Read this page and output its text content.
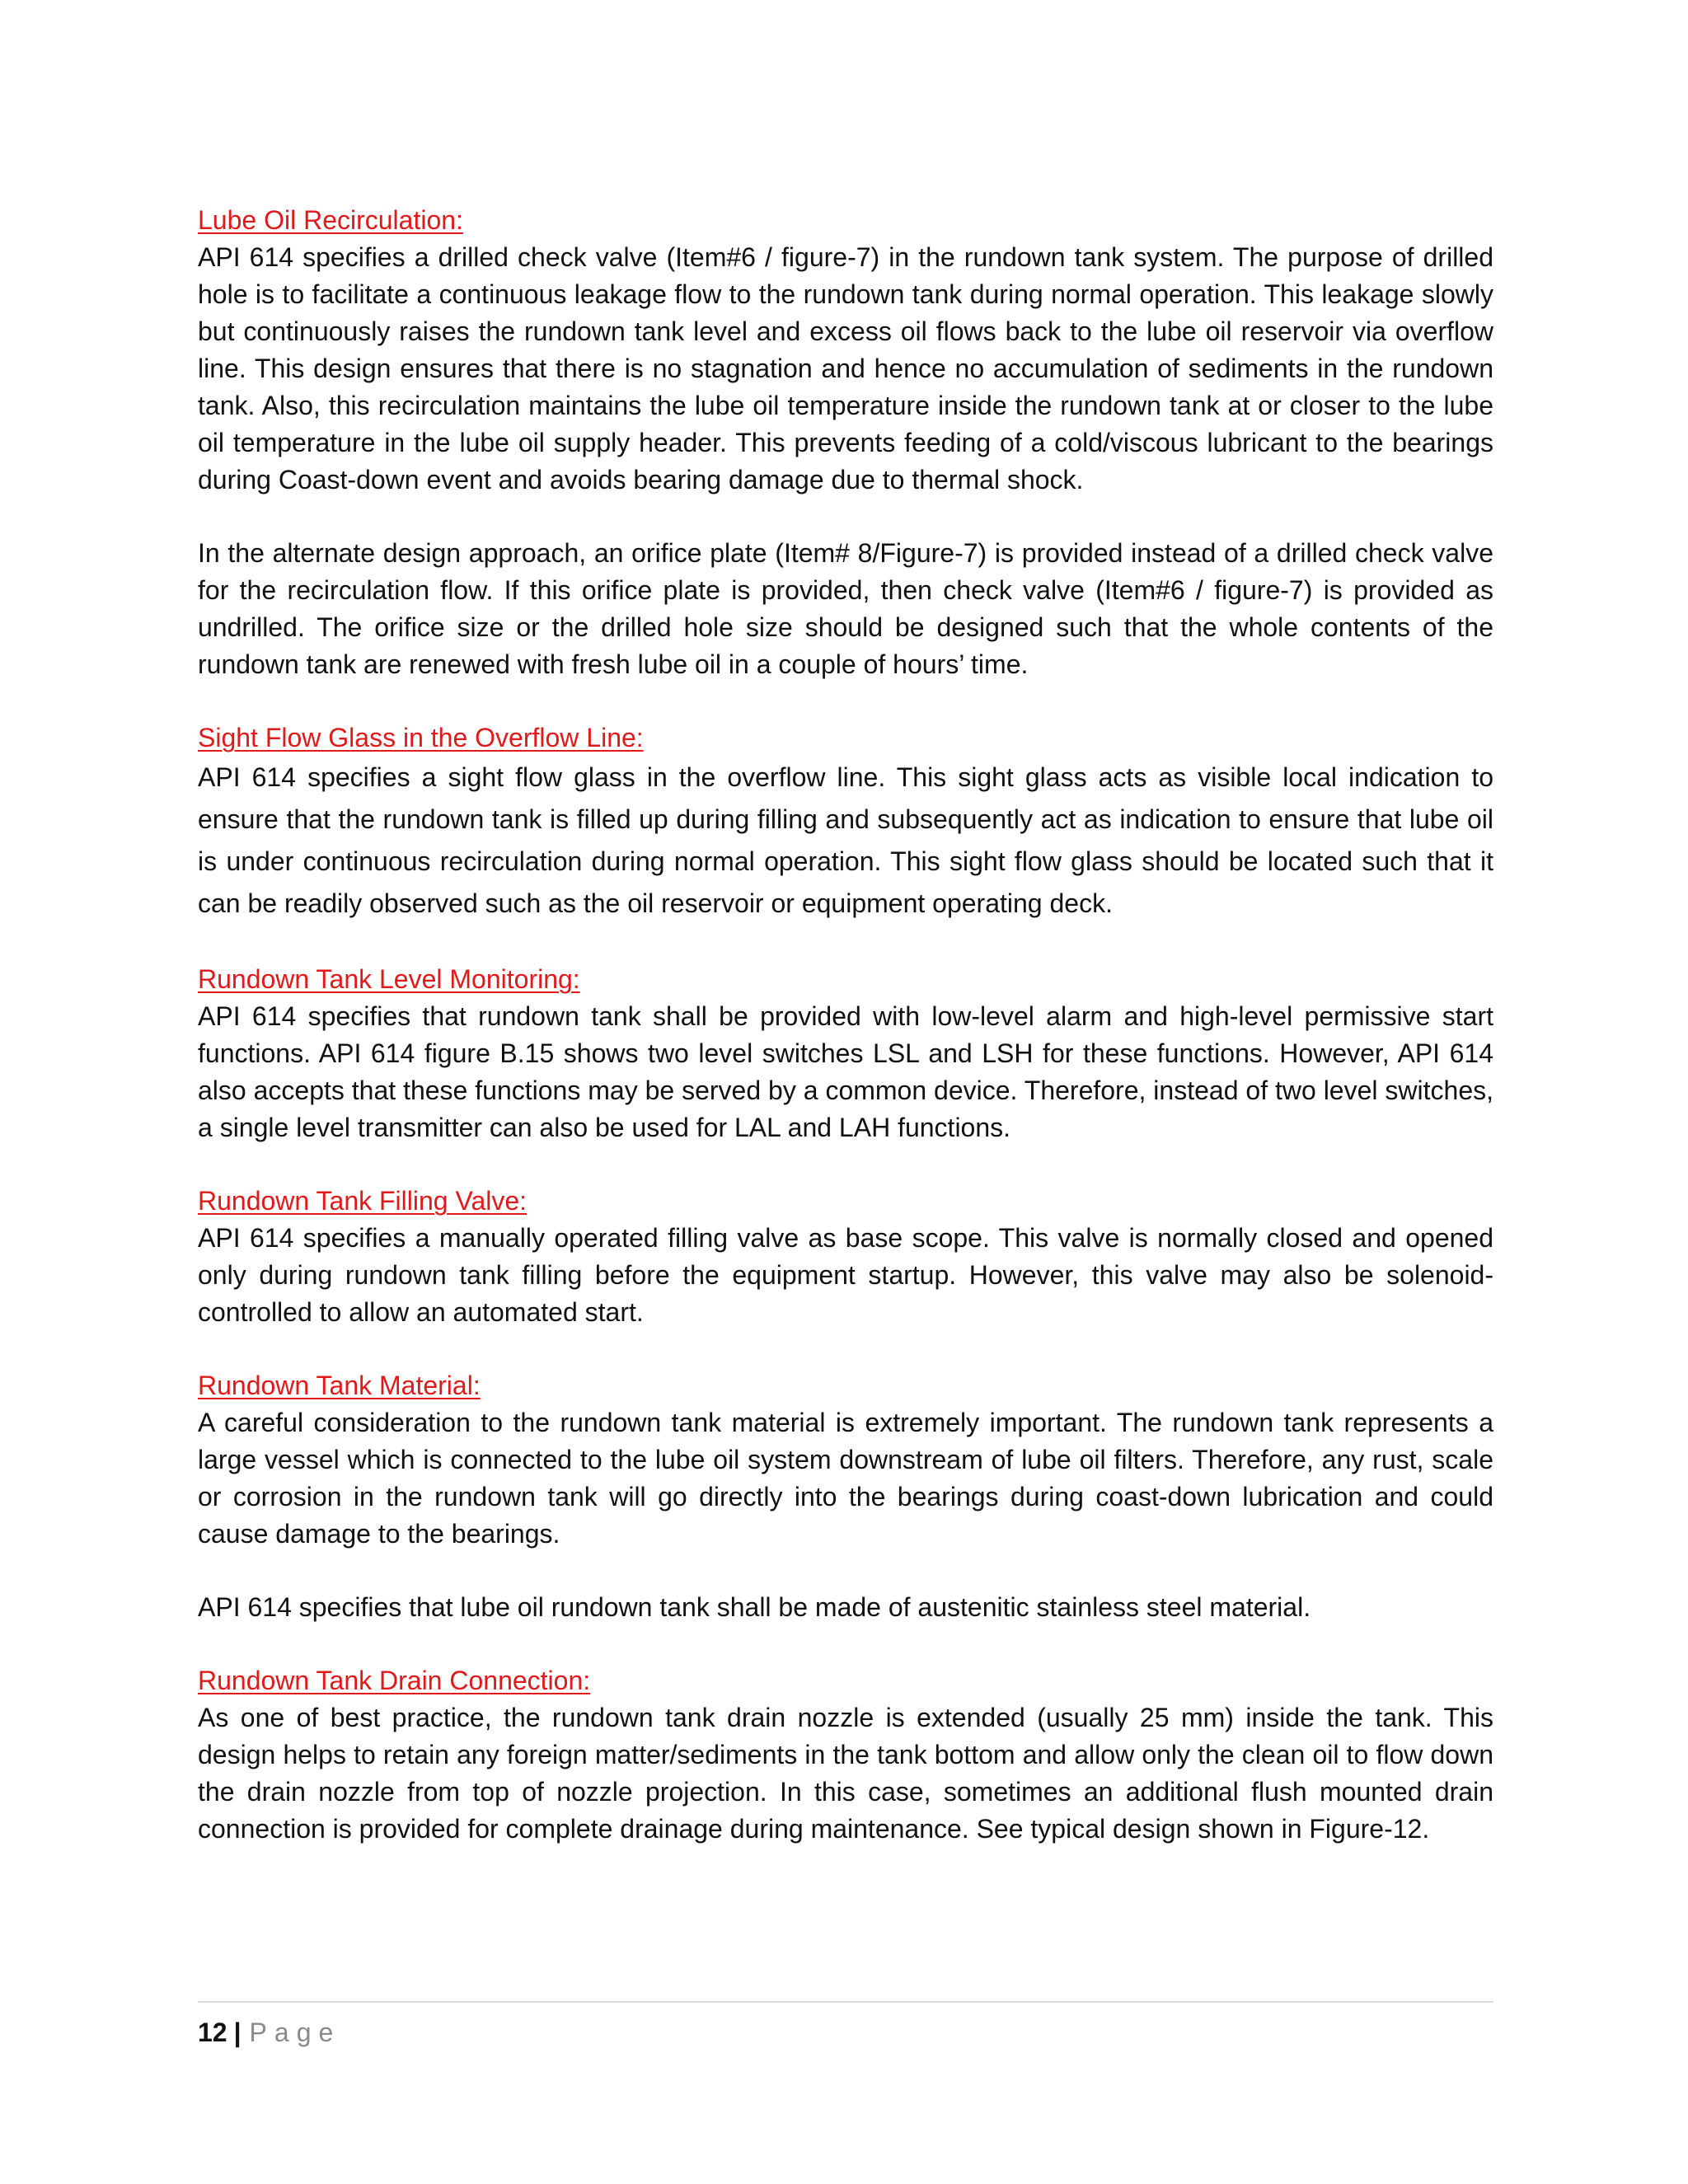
Lube Oil Recirculation:

API 614 specifies a drilled check valve (Item#6 / figure-7) in the rundown tank system. The purpose of drilled hole is to facilitate a continuous leakage flow to the rundown tank during normal operation. This leakage slowly but continuously raises the rundown tank level and excess oil flows back to the lube oil reservoir via overflow line. This design ensures that there is no stagnation and hence no accumulation of sediments in the rundown tank. Also, this recirculation maintains the lube oil temperature inside the rundown tank at or closer to the lube oil temperature in the lube oil supply header. This prevents feeding of a cold/viscous lubricant to the bearings during Coast-down event and avoids bearing damage due to thermal shock.

In the alternate design approach, an orifice plate (Item# 8/Figure-7) is provided instead of a drilled check valve for the recirculation flow. If this orifice plate is provided, then check valve (Item#6 / figure-7) is provided as undrilled. The orifice size or the drilled hole size should be designed such that the whole contents of the rundown tank are renewed with fresh lube oil in a couple of hours’ time.

Sight Flow Glass in the Overflow Line:

API 614 specifies a sight flow glass in the overflow line. This sight glass acts as visible local indication to ensure that the rundown tank is filled up during filling and subsequently act as indication to ensure that lube oil is under continuous recirculation during normal operation. This sight flow glass should be located such that it can be readily observed such as the oil reservoir or equipment operating deck.

Rundown Tank Level Monitoring:

API 614 specifies that rundown tank shall be provided with low-level alarm and high-level permissive start functions. API 614 figure B.15 shows two level switches LSL and LSH for these functions. However, API 614 also accepts that these functions may be served by a common device. Therefore, instead of two level switches, a single level transmitter can also be used for LAL and LAH functions.

Rundown Tank Filling Valve:

API 614 specifies a manually operated filling valve as base scope. This valve is normally closed and opened only during rundown tank filling before the equipment startup. However, this valve may also be solenoid-controlled to allow an automated start.

Rundown Tank Material:

A careful consideration to the rundown tank material is extremely important. The rundown tank represents a large vessel which is connected to the lube oil system downstream of lube oil filters. Therefore, any rust, scale or corrosion in the rundown tank will go directly into the bearings during coast-down lubrication and could cause damage to the bearings.

API 614 specifies that lube oil rundown tank shall be made of austenitic stainless steel material.

Rundown Tank Drain Connection:

As one of best practice, the rundown tank drain nozzle is extended (usually 25 mm) inside the tank. This design helps to retain any foreign matter/sediments in the tank bottom and allow only the clean oil to flow down the drain nozzle from top of nozzle projection. In this case, sometimes an additional flush mounted drain connection is provided for complete drainage during maintenance. See typical design shown in Figure-12.

12 | Page
